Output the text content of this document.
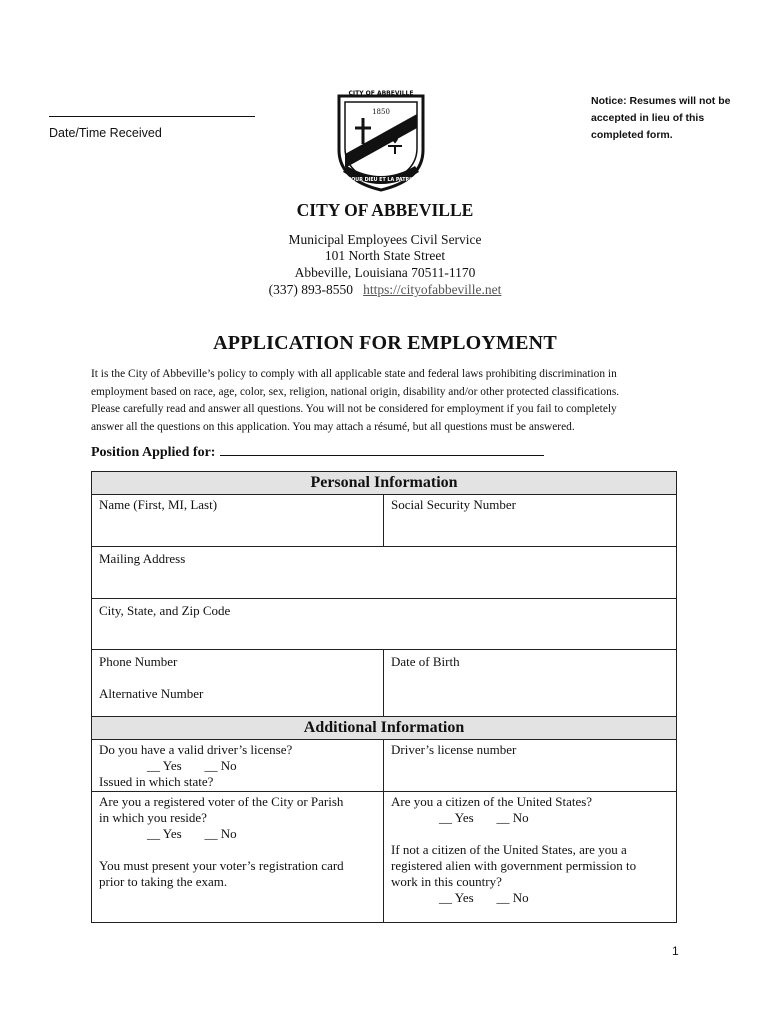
Date/Time Received
1850
CITY OF ABBEVILLE
POUR DIEU ET LA PATRIE
Notice: Resumes will not be accepted in lieu of this completed form.
CITY OF ABBEVILLE
Municipal Employees Civil Service
101 North State Street
Abbeville, Louisiana 70511-1170
(337) 893-8550 https://cityofabbeville.net
APPLICATION FOR EMPLOYMENT
It is the City of Abbeville’s policy to comply with all applicable state and federal laws prohibiting discrimination in
employment based on race, age, color, sex, religion, national origin, disability and/or other protected classifications.
Please carefully read and answer all questions. You will not be considered for employment if you fail to completely
answer all the questions on this application. You may attach a résumé, but all questions must be answered.
Position Applied for:
Personal Information
Name (First, MI, Last)	Social Security Number
Mailing Address
City, State, and Zip Code
Phone Number
Alternative Number
Date of Birth
Additional Information
Do you have a valid driver’s license?
__ Yes __ No
Issued in which state?
Driver’s license number
Are you a registered voter of the City or Parish
in which you reside?
__ Yes __ No
You must present your voter’s registration card
prior to taking the exam.
Are you a citizen of the United States?
__ Yes __ No
If not a citizen of the United States, are you a
registered alien with government permission to
work in this country?
__ Yes __ No
1
